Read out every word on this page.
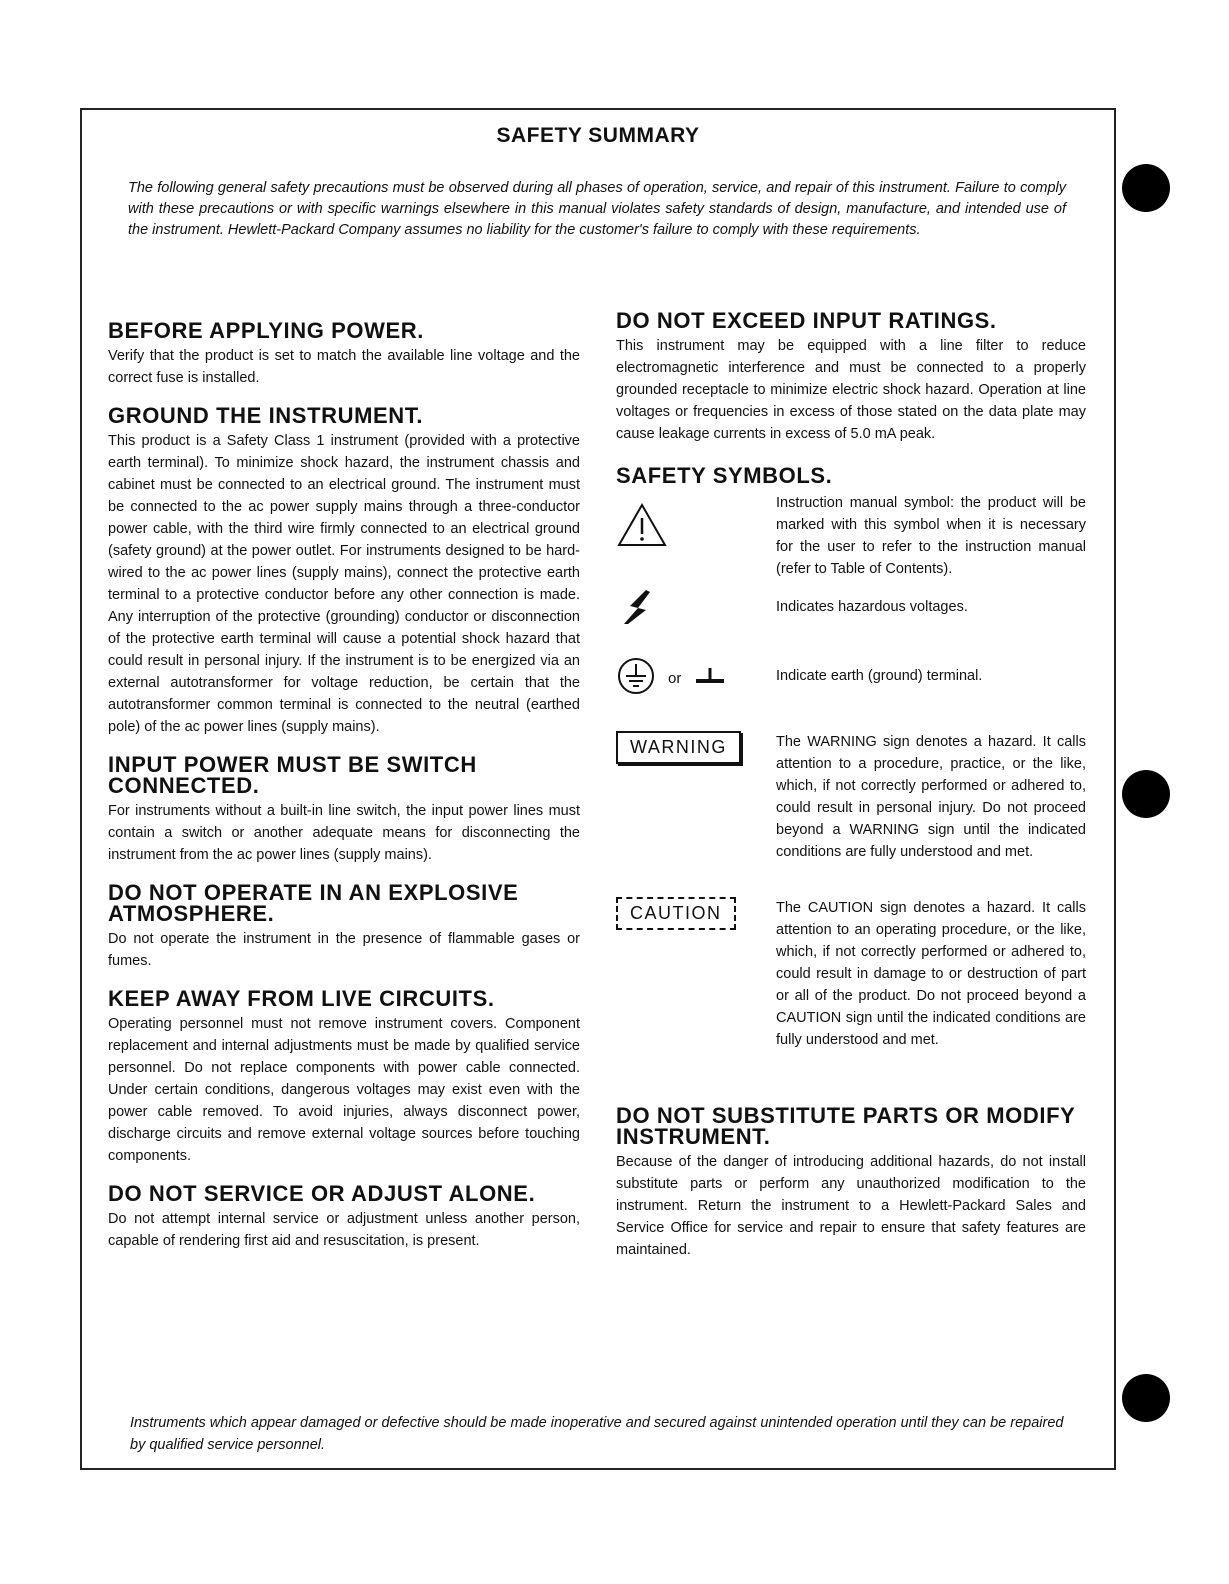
SAFETY SUMMARY
The following general safety precautions must be observed during all phases of operation, service, and repair of this instrument. Failure to comply with these precautions or with specific warnings elsewhere in this manual violates safety standards of design, manufacture, and intended use of the instrument. Hewlett-Packard Company assumes no liability for the customer's failure to comply with these requirements.
BEFORE APPLYING POWER.

Verify that the product is set to match the available line voltage and the correct fuse is installed.

GROUND THE INSTRUMENT.

This product is a Safety Class 1 instrument (provided with a protective earth terminal). To minimize shock hazard, the instrument chassis and cabinet must be connected to an electrical ground. The instrument must be connected to the ac power supply mains through a three-conductor power cable, with the third wire firmly connected to an electrical ground (safety ground) at the power outlet. For instruments designed to be hard-wired to the ac power lines (supply mains), connect the protective earth terminal to a protective conductor before any other connection is made. Any interruption of the protective (grounding) conductor or disconnection of the protective earth terminal will cause a potential shock hazard that could result in personal injury. If the instrument is to be energized via an external autotransformer for voltage reduction, be certain that the autotransformer common terminal is connected to the neutral (earthed pole) of the ac power lines (supply mains).

INPUT POWER MUST BE SWITCH CONNECTED.

For instruments without a built-in line switch, the input power lines must contain a switch or another adequate means for disconnecting the instrument from the ac power lines (supply mains).

DO NOT OPERATE IN AN EXPLOSIVE ATMOSPHERE.

Do not operate the instrument in the presence of flammable gases or fumes.

KEEP AWAY FROM LIVE CIRCUITS.

Operating personnel must not remove instrument covers. Component replacement and internal adjustments must be made by qualified service personnel. Do not replace components with power cable connected. Under certain conditions, dangerous voltages may exist even with the power cable removed. To avoid injuries, always disconnect power, discharge circuits and remove external voltage sources before touching components.

DO NOT SERVICE OR ADJUST ALONE.

Do not attempt internal service or adjustment unless another person, capable of rendering first aid and resuscitation, is present.

DO NOT EXCEED INPUT RATINGS.

This instrument may be equipped with a line filter to reduce electromagnetic interference and must be connected to a properly grounded receptacle to minimize electric shock hazard. Operation at line voltages or frequencies in excess of those stated on the data plate may cause leakage currents in excess of 5.0 mA peak.

SAFETY SYMBOLS.
Instruction manual symbol: the product will be marked with this symbol when it is necessary for the user to refer to the instruction manual (refer to Table of Contents).
Indicates hazardous voltages.
or	Indicate earth (ground) terminal.
WARNING	The WARNING sign denotes a hazard. It calls attention to a procedure, practice, or the like, which, if not correctly performed or adhered to, could result in personal injury. Do not proceed beyond a WARNING sign until the indicated conditions are fully understood and met.
CAUTION	The CAUTION sign denotes a hazard. It calls attention to an operating procedure, or the like, which, if not correctly performed or adhered to, could result in damage to or destruction of part or all of the product. Do not proceed beyond a CAUTION sign until the indicated conditions are fully understood and met.
DO NOT SUBSTITUTE PARTS OR MODIFY INSTRUMENT.

Because of the danger of introducing additional hazards, do not install substitute parts or perform any unauthorized modification to the instrument. Return the instrument to a Hewlett-Packard Sales and Service Office for service and repair to ensure that safety features are maintained.

Instruments which appear damaged or defective should be made inoperative and secured against unintended operation until they can be repaired by qualified service personnel.
